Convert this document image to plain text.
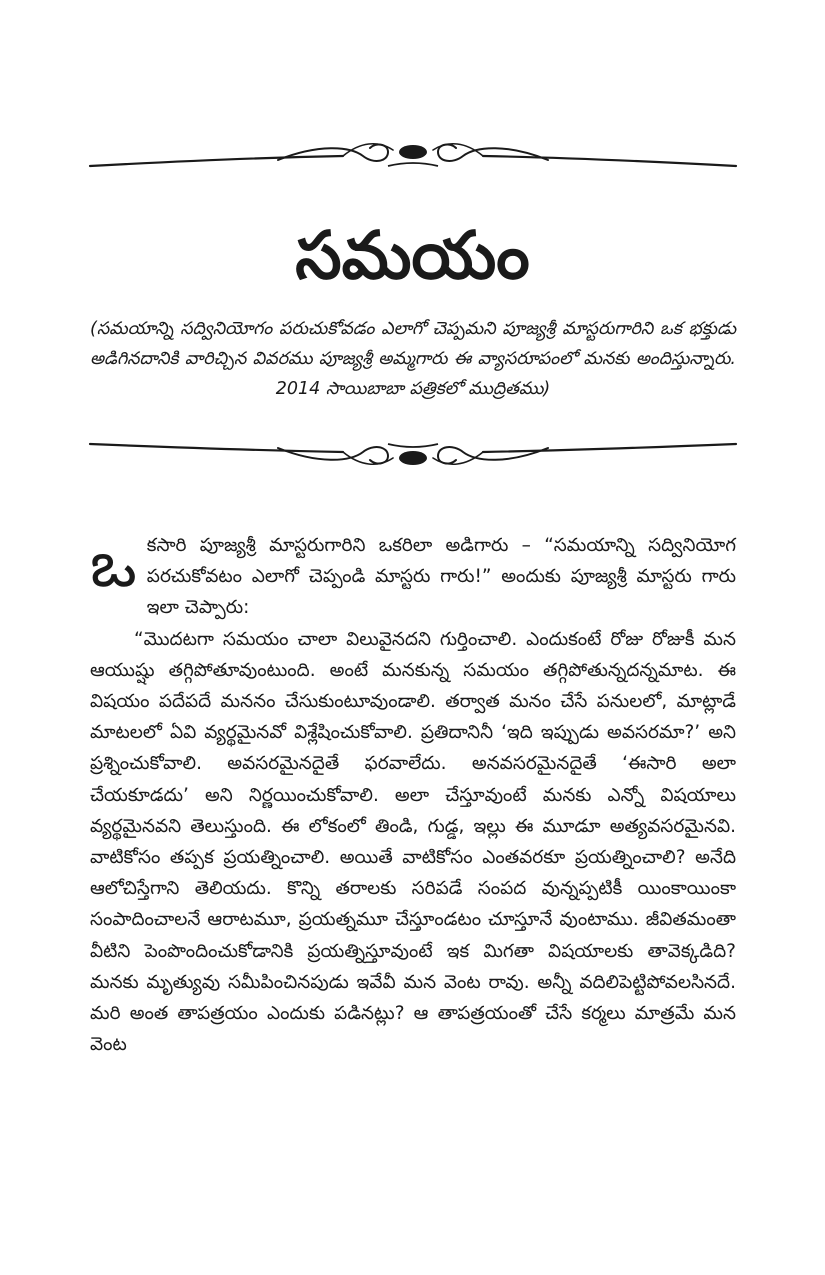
సమయం
(సమయాన్ని సద్వినియోగం పరుచుకోవడం ఎలాగో చెప్పమని పూజ్యశ్రీ మాస్టరుగారిని ఒక భక్తుడు అడిగినదానికి వారిచ్చిన వివరము పూజ్యశ్రీ అమ్మగారు ఈ వ్యాసరూపంలో మనకు అందిస్తున్నారు. 2014 సాయిబాబా పత్రికలో ముద్రితము)

ఒకసారి పూజ్యశ్రీ మాస్టరుగారిని ఒకరిలా అడిగారు – “సమయాన్ని సద్వినియోగ పరచుకోవటం ఎలాగో చెప్పండి మాస్టరు గారు!” అందుకు పూజ్యశ్రీ మాస్టరు గారు ఇలా చెప్పారు:

“మొదటగా సమయం చాలా విలువైనదని గుర్తించాలి. ఎందుకంటే రోజు రోజుకీ మన ఆయుష్షు తగ్గిపోతూవుంటుంది. అంటే మనకున్న సమయం తగ్గిపోతున్నదన్నమాట. ఈ విషయం పదేపదే మననం చేసుకుంటూవుండాలి. తర్వాత మనం చేసే పనులలో, మాట్లాడే మాటలలో ఏవి వ్యర్థమైనవో విశ్లేషించుకోవాలి. ప్రతిదానినీ ‘ఇది ఇప్పుడు అవసరమా?’ అని ప్రశ్నించుకోవాలి. అవసరమైనదైతే ఫరవాలేదు. అనవసరమైనదైతే ‘ఈసారి అలా చేయకూడదు’ అని నిర్ణయించుకోవాలి. అలా చేస్తూవుంటే మనకు ఎన్నో విషయాలు వ్యర్థమైనవని తెలుస్తుంది. ఈ లోకంలో తిండి, గుడ్డ, ఇల్లు ఈ మూడూ అత్యవసరమైనవి. వాటికోసం తప్పక ప్రయత్నించాలి. అయితే వాటికోసం ఎంతవరకూ ప్రయత్నించాలి? అనేది ఆలోచిస్తేగాని తెలియదు. కొన్ని తరాలకు సరిపడే సంపద వున్నప్పటికీ యింకాయింకా సంపాదించాలనే ఆరాటమూ, ప్రయత్నమూ చేస్తూండటం చూస్తూనే వుంటాము. జీవితమంతా వీటిని పెంపొందించుకోడానికి ప్రయత్నిస్తూవుంటే ఇక మిగతా విషయాలకు తావెక్కడిది? మనకు మృత్యువు సమీపించినపుడు ఇవేవీ మన వెంట రావు. అన్నీ వదిలిపెట్టిపోవలసినదే. మరి అంత తాపత్రయం ఎందుకు పడినట్లు? ఆ తాపత్రయంతో చేసే కర్మలు మాత్రమే మన వెంట
